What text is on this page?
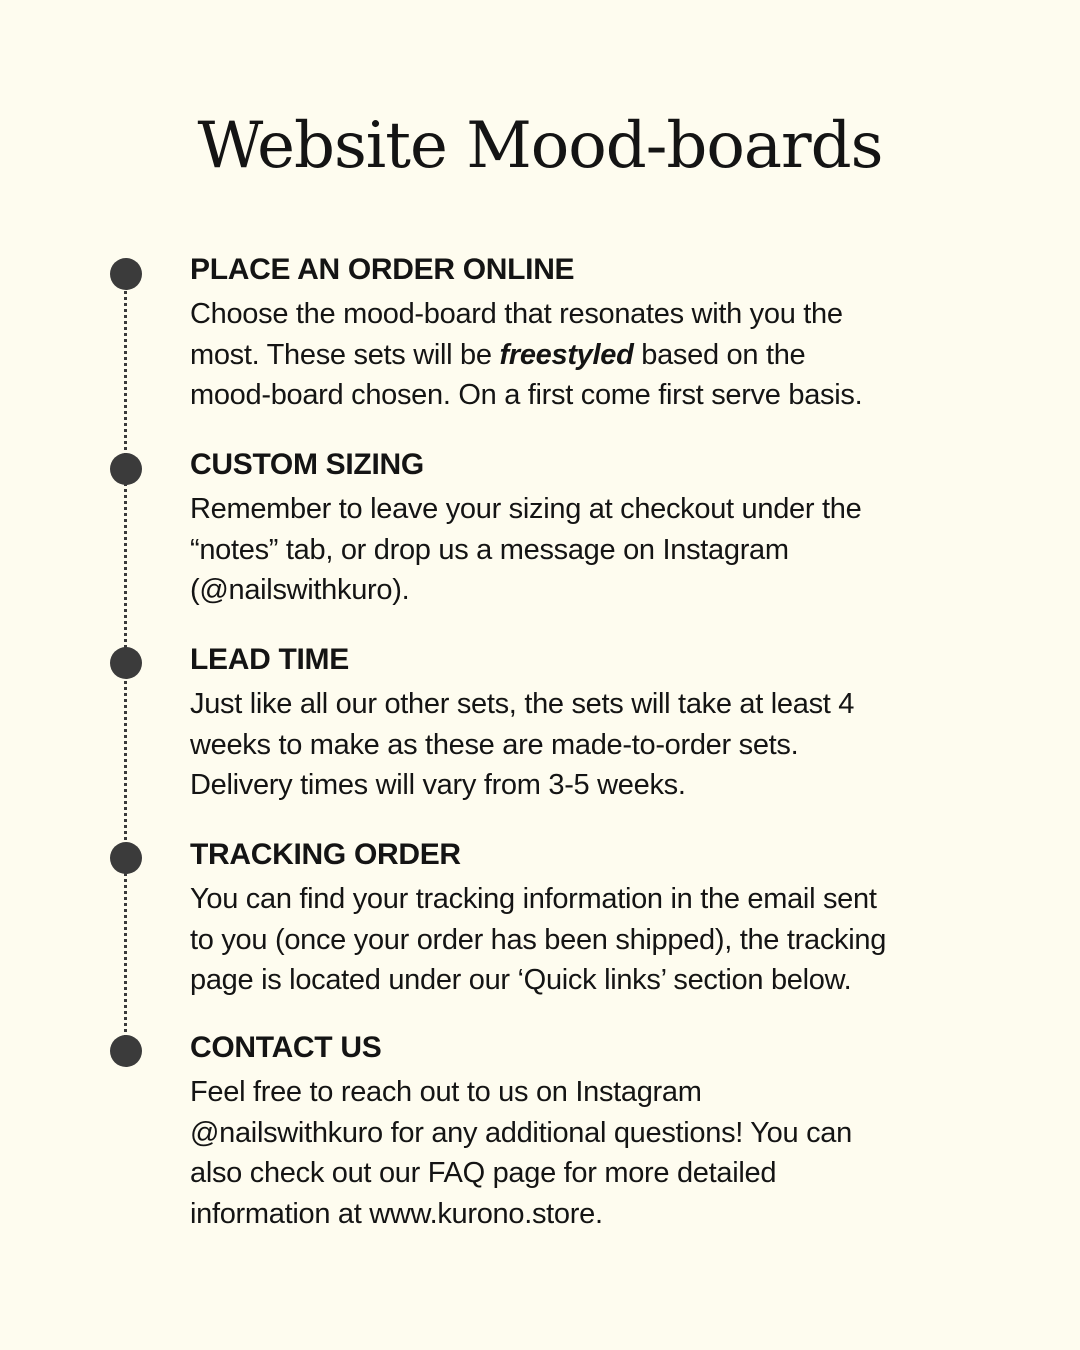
Website Mood-boards
PLACE AN ORDER ONLINE

Choose the mood-board that resonates with you the
most. These sets will be freestyled based on the
mood-board chosen. On a first come first serve basis.

CUSTOM SIZING

Remember to leave your sizing at checkout under the
“notes” tab, or drop us a message on Instagram
(@nailswithkuro).

LEAD TIME

Just like all our other sets, the sets will take at least 4
weeks to make as these are made-to-order sets.
Delivery times will vary from 3-5 weeks.

TRACKING ORDER

You can find your tracking information in the email sent
to you (once your order has been shipped), the tracking
page is located under our ‘Quick links’ section below.

CONTACT US

Feel free to reach out to us on Instagram
@nailswithkuro for any additional questions! You can
also check out our FAQ page for more detailed
information at www.kurono.store.
